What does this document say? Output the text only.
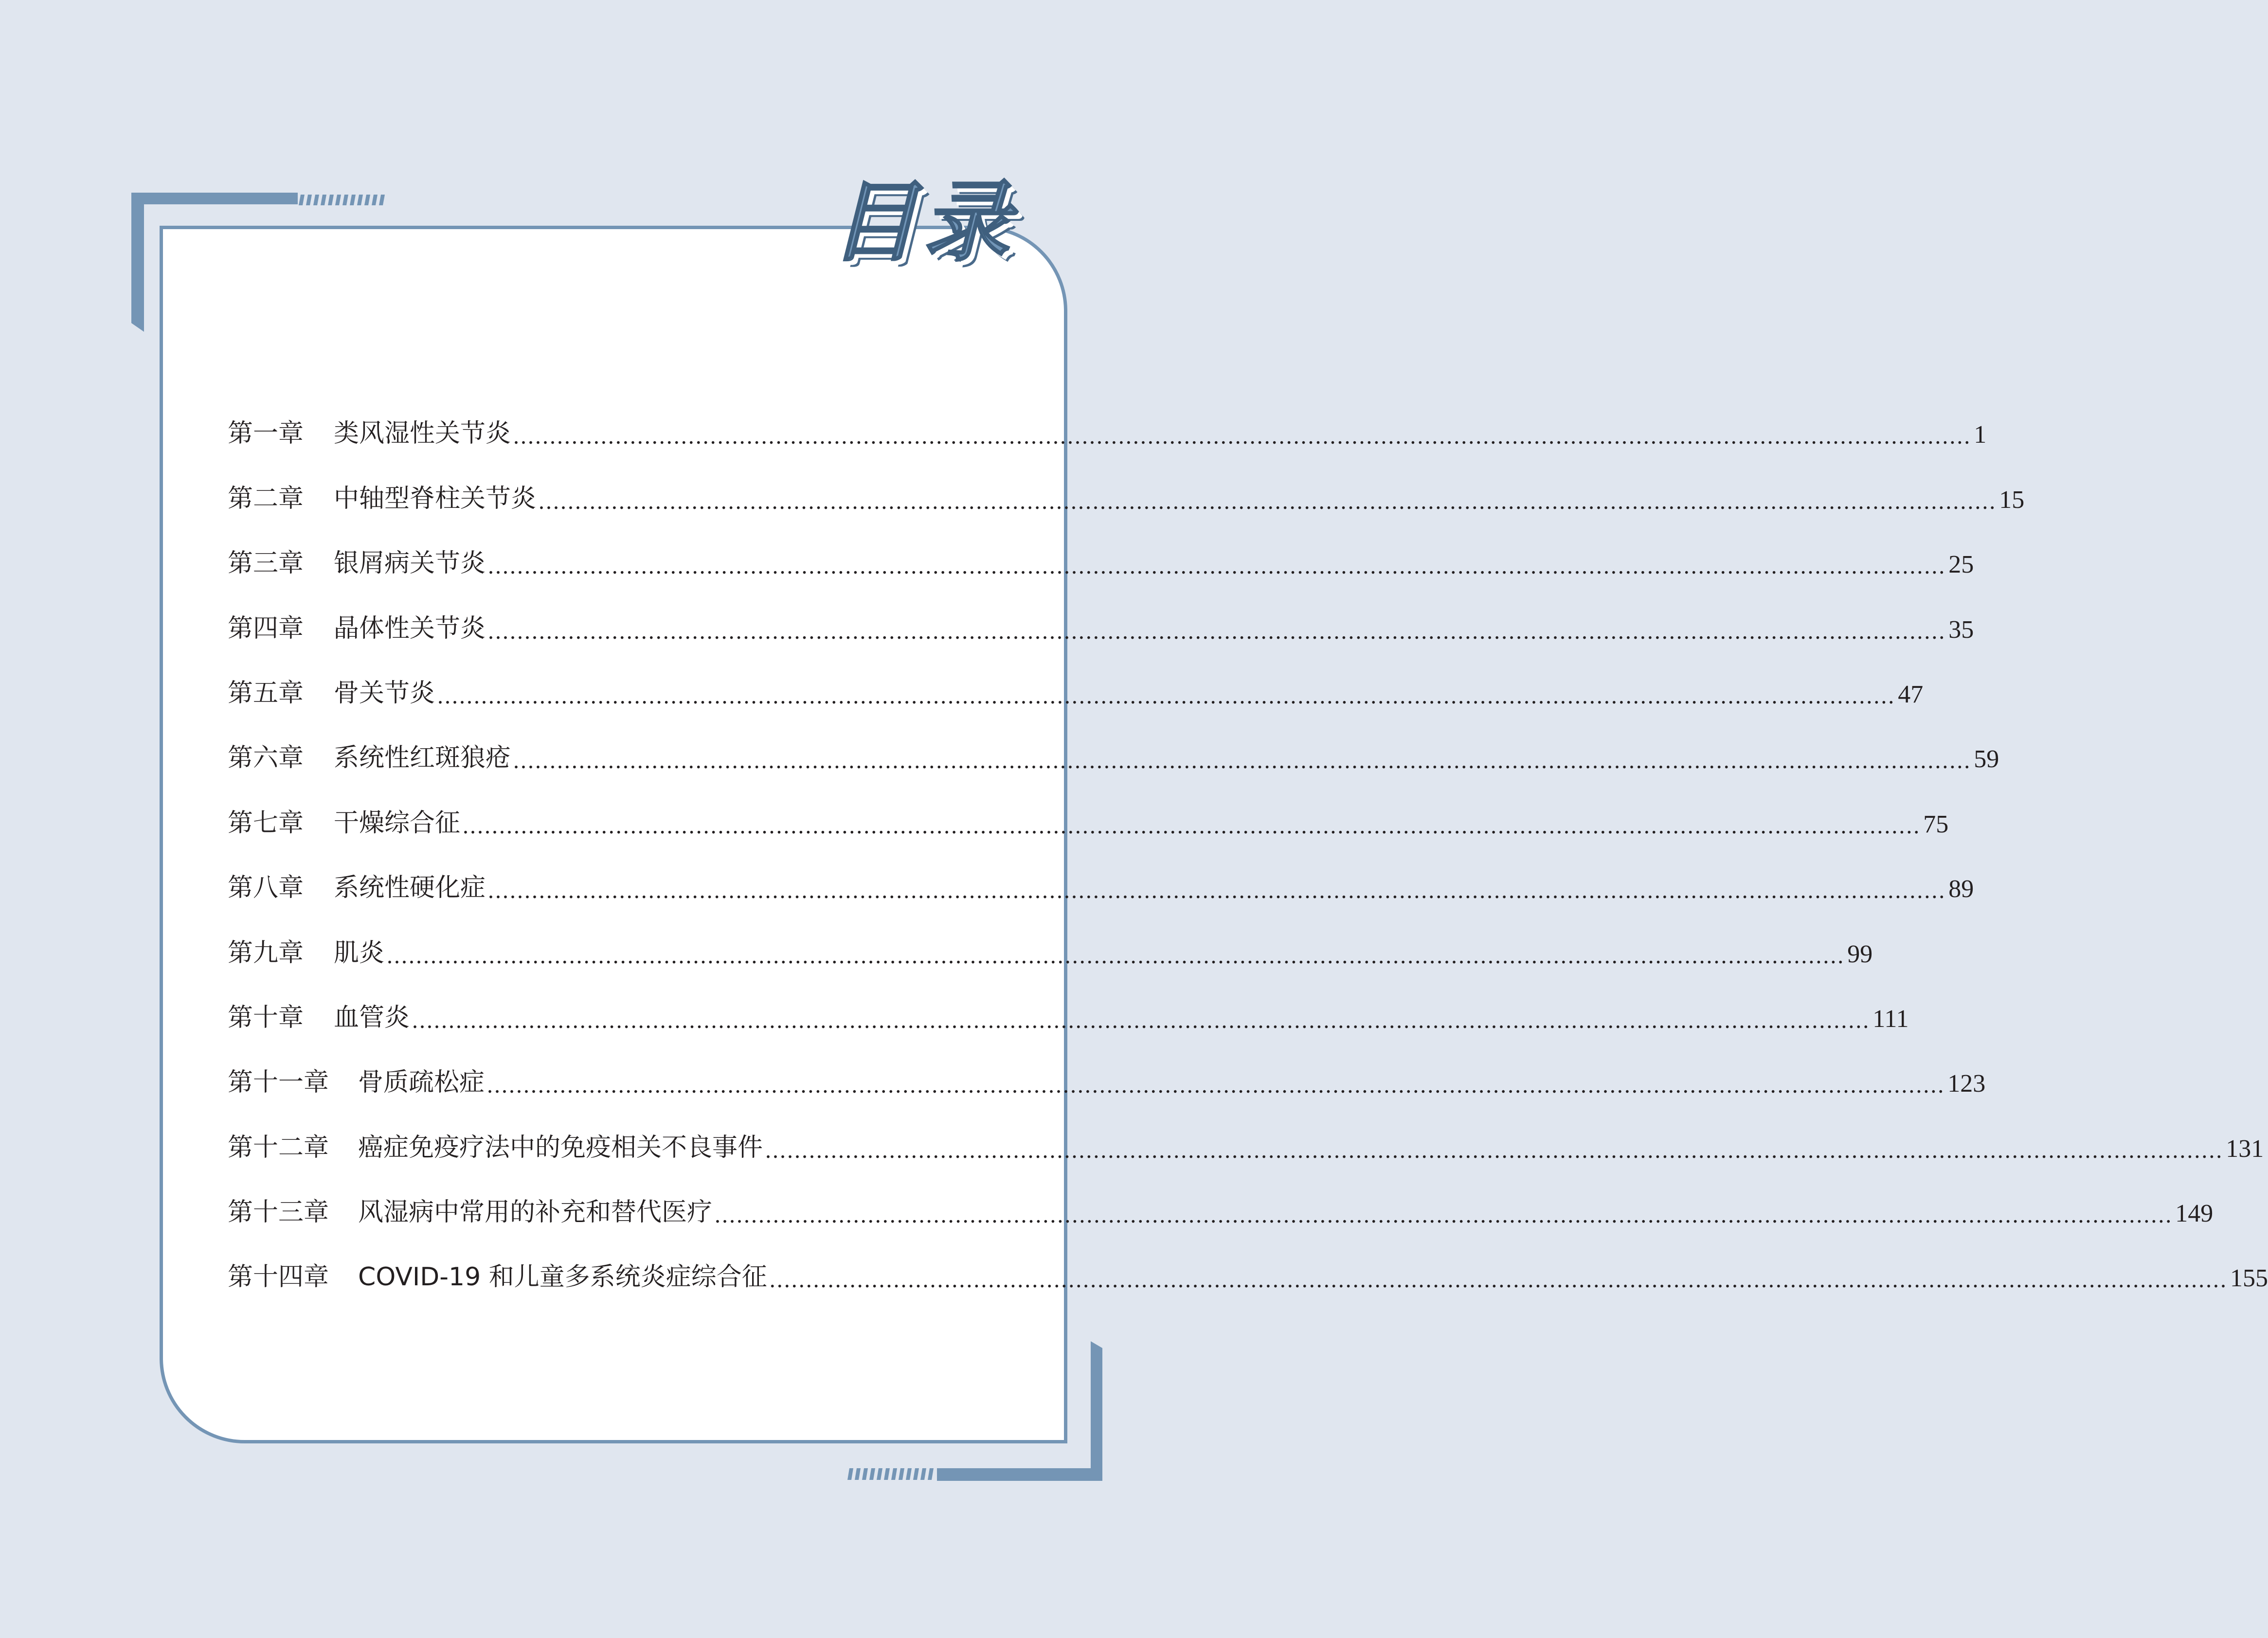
目录
第一章 类风湿性关节炎 ........................................................................................................................................................................................................ 1
第二章 中轴型脊柱关节炎 ........................................................................................................................................................................................................ 15
第三章 银屑病关节炎 ........................................................................................................................................................................................................ 25
第四章 晶体性关节炎 ........................................................................................................................................................................................................ 35
第五章 骨关节炎 ........................................................................................................................................................................................................ 47
第六章 系统性红斑狼疮 ........................................................................................................................................................................................................ 59
第七章 干燥综合征 ........................................................................................................................................................................................................ 75
第八章 系统性硬化症 ........................................................................................................................................................................................................ 89
第九章 肌炎 ........................................................................................................................................................................................................ 99
第十章 血管炎 ........................................................................................................................................................................................................ 111
第十一章 骨质疏松症 ........................................................................................................................................................................................................ 123
第十二章 癌症免疫疗法中的免疫相关不良事件 ........................................................................................................................................................................................................ 131
第十三章 风湿病中常用的补充和替代医疗 ........................................................................................................................................................................................................ 149
第十四章 COVID-19 和儿童多系统炎症综合征 ........................................................................................................................................................................................................ 155
